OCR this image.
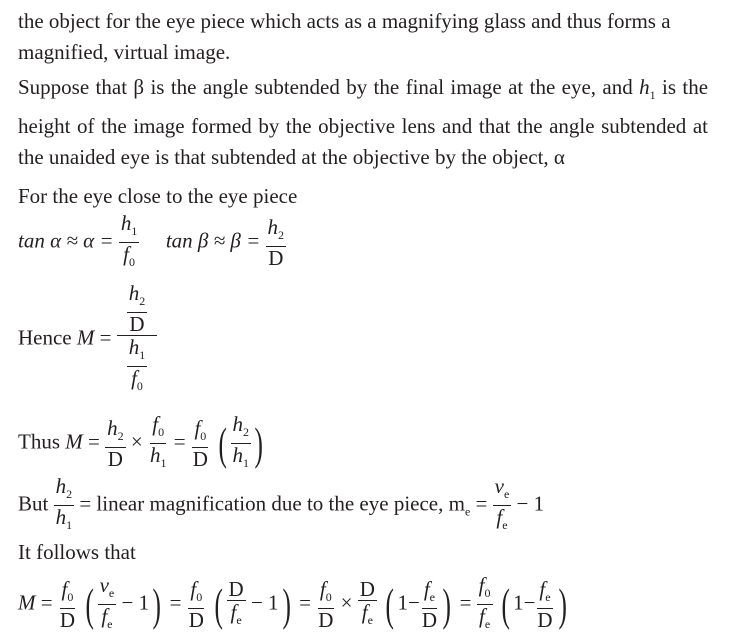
the object for the eye piece which acts as a magnifying glass and thus forms a

magnified, virtual image.

Suppose that β is the angle subtended by the final image at the eye, and $h_1$ is the height of the image formed by the objective lens and that the angle subtended at the unaided eye is that subtended at the objective by the object, α

For the eye close to the eye piece

$\tan \alpha \approx \alpha = \frac{h_1}{f_0}$ $\tan \beta \approx \beta = \frac{h_2}{D}$
Hence $M = \frac{\frac{h_2}{D}}{\frac{h_1}{f_0}}$
Thus $M = \frac{h_2}{D} \times \frac{f_0}{h_1} = \frac{f_0}{D}$ ( $\frac{h_2}{h_1}$ )
But $\frac{h_2}{h_1}$ = linear magnification due to the eye piece, $m_e = \frac{v_e}{f_e} - 1$

It follows that

$M = \frac{f_0}{D}$ ( $\frac{v_e}{f_e} - 1) = \frac{f_0}{D}$ ( $\frac{D}{f_e} - 1) = \frac{f_0}{D} \times \frac{D}{f_e}$ ( $1- \frac{f_e}{D}$ ) = $\frac{f_0}{f_e}$ ( $1- \frac{f_e}{D}$ )
